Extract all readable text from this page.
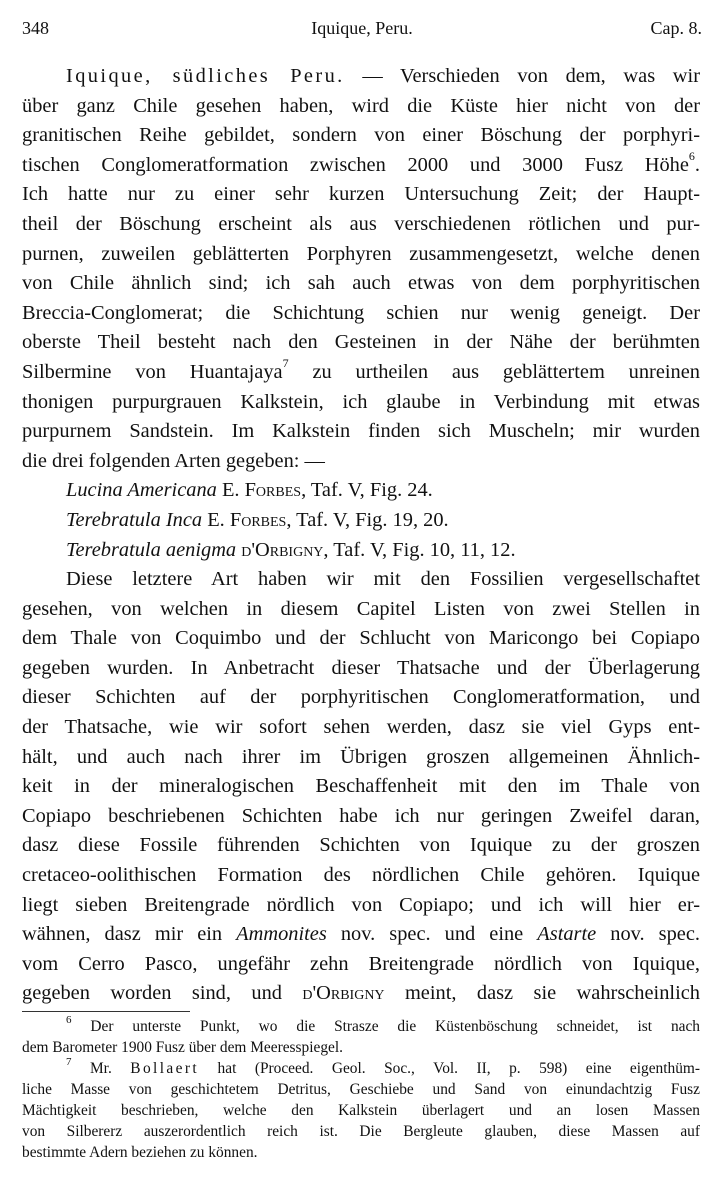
348	Iquique, Peru.	Cap. 8.
Iquique, südliches Peru. — Verschieden von dem, was wir
über ganz Chile gesehen haben, wird die Küste hier nicht von der
granitischen Reihe gebildet, sondern von einer Böschung der porphyri-
tischen Conglomeratformation zwischen 2000 und 3000 Fusz Höhe$^6$.
Ich hatte nur zu einer sehr kurzen Untersuchung Zeit; der Haupt-
theil der Böschung erscheint als aus verschiedenen rötlichen und pur-
purnen, zuweilen geblätterten Porphyren zusammengesetzt, welche denen
von Chile ähnlich sind; ich sah auch etwas von dem porphyritischen
Breccia-Conglomerat; die Schichtung schien nur wenig geneigt. Der
oberste Theil besteht nach den Gesteinen in der Nähe der berühmten
Silbermine von Huantajaya$^7$ zu urtheilen aus geblättertem unreinen
thonigen purpurgrauen Kalkstein, ich glaube in Verbindung mit etwas
purpurnem Sandstein. Im Kalkstein finden sich Muscheln; mir wurden
die drei folgenden Arten gegeben: —
Lucina Americana E. Forbes, Taf. V, Fig. 24.
Terebratula Inca E. Forbes, Taf. V, Fig. 19, 20.
Terebratula aenigma d'Orbigny, Taf. V, Fig. 10, 11, 12.
Diese letztere Art haben wir mit den Fossilien vergesellschaftet
gesehen, von welchen in diesem Capitel Listen von zwei Stellen in
dem Thale von Coquimbo und der Schlucht von Maricongo bei Copiapo
gegeben wurden. In Anbetracht dieser Thatsache und der Überlagerung
dieser Schichten auf der porphyritischen Conglomeratformation, und
der Thatsache, wie wir sofort sehen werden, dasz sie viel Gyps ent-
hält, und auch nach ihrer im Übrigen groszen allgemeinen Ähnlich-
keit in der mineralogischen Beschaffenheit mit den im Thale von
Copiapo beschriebenen Schichten habe ich nur geringen Zweifel daran,
dasz diese Fossile führenden Schichten von Iquique zu der groszen
cretaceo-oolithischen Formation des nördlichen Chile gehören. Iquique
liegt sieben Breitengrade nördlich von Copiapo; und ich will hier er-
wähnen, dasz mir ein Ammonites nov. spec. und eine Astarte nov. spec.
vom Cerro Pasco, ungefähr zehn Breitengrade nördlich von Iquique,
gegeben worden sind, und d'Orbigny meint, dasz sie wahrscheinlich
$^6$ Der unterste Punkt, wo die Strasze die Küstenböschung schneidet, ist nach
dem Barometer 1900 Fusz über dem Meeresspiegel.
$^7$ Mr. Bollaert hat (Proceed. Geol. Soc., Vol. II, p. 598) eine eigenthüm-
liche Masse von geschichtetem Detritus, Geschiebe und Sand von einundachtzig Fusz
Mächtigkeit beschrieben, welche den Kalkstein überlagert und an losen Massen
von Silbererz auszerordentlich reich ist. Die Bergleute glauben, diese Massen auf
bestimmte Adern beziehen zu können.
